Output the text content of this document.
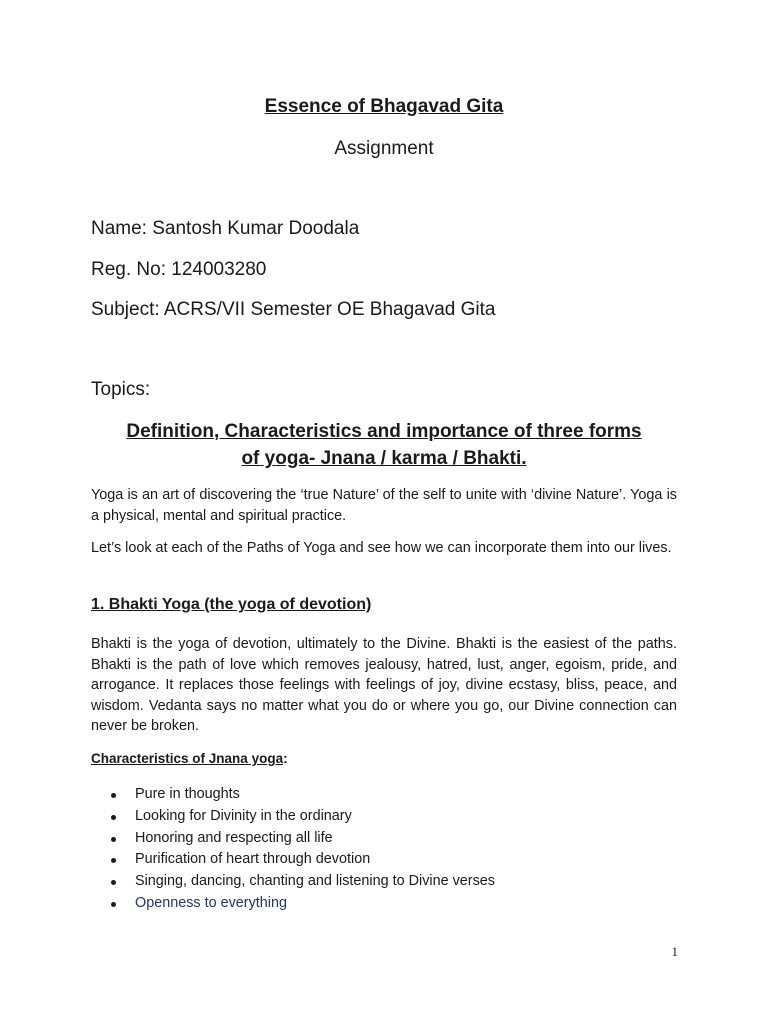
Essence of Bhagavad Gita

Assignment

Name: Santosh Kumar Doodala

Reg. No: 124003280

Subject: ACRS/VII Semester OE Bhagavad Gita

Topics:

Definition, Characteristics and importance of three forms
of yoga- Jnana / karma / Bhakti.

Yoga is an art of discovering the ‘true Nature’ of the self to unite with ‘divine Nature’. Yoga is a physical, mental and spiritual practice.

Let’s look at each of the Paths of Yoga and see how we can incorporate them into our lives.

1. Bhakti Yoga (the yoga of devotion)

Bhakti is the yoga of devotion, ultimately to the Divine. Bhakti is the easiest of the paths. Bhakti is the path of love which removes jealousy, hatred, lust, anger, egoism, pride, and arrogance. It replaces those feelings with feelings of joy, divine ecstasy, bliss, peace, and wisdom. Vedanta says no matter what you do or where you go, our Divine connection can never be broken.

Characteristics of Jnana yoga:

Pure in thoughts
Looking for Divinity in the ordinary
Honoring and respecting all life
Purification of heart through devotion
Singing, dancing, chanting and listening to Divine verses
Openness to everything

1
